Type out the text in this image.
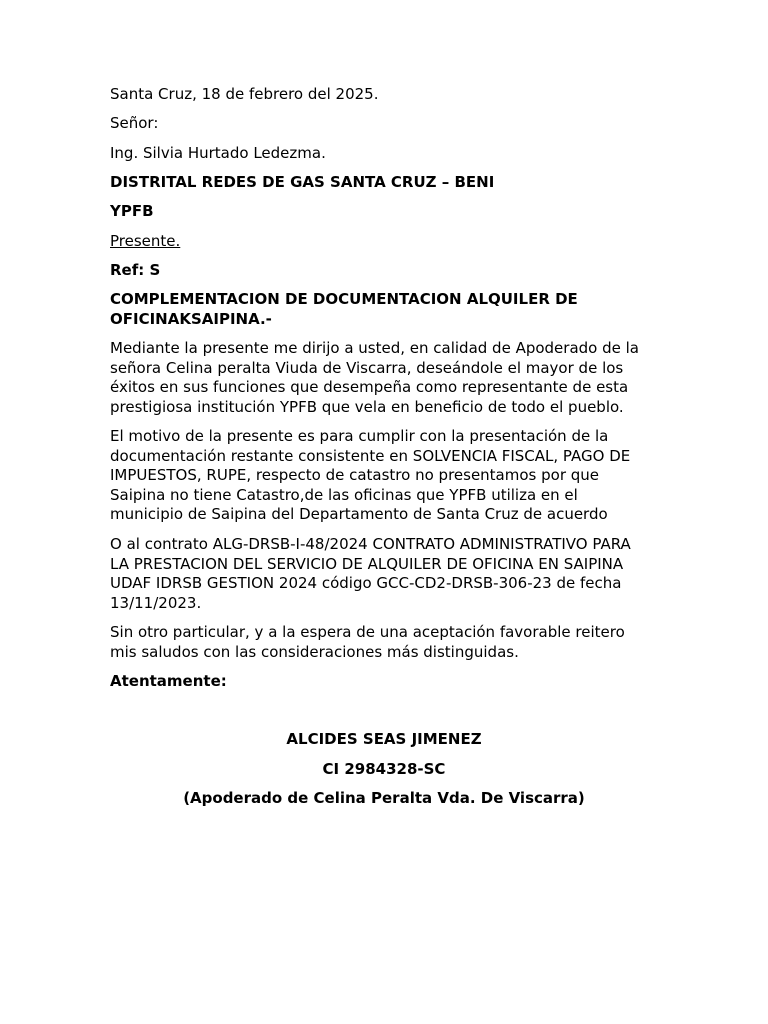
Santa Cruz, 18 de febrero del 2025.

Señor:

Ing. Silvia Hurtado Ledezma.

DISTRITAL REDES DE GAS SANTA CRUZ – BENI

YPFB

Presente.

Ref: S

COMPLEMENTACION DE DOCUMENTACION ALQUILER DE
OFICINAKSAIPINA.-
Mediante la presente me dirijo a usted, en calidad de Apoderado de la
señora Celina peralta Viuda de Viscarra, deseándole el mayor de los
éxitos en sus funciones que desempeña como representante de esta
prestigiosa institución YPFB que vela en beneficio de todo el pueblo.
El motivo de la presente es para cumplir con la presentación de la
documentación restante consistente en SOLVENCIA FISCAL, PAGO DE
IMPUESTOS, RUPE, respecto de catastro no presentamos por que
Saipina no tiene Catastro,de las oficinas que YPFB utiliza en el
municipio de Saipina del Departamento de Santa Cruz de acuerdo
O al contrato ALG-DRSB-I-48/2024 CONTRATO ADMINISTRATIVO PARA
LA PRESTACION DEL SERVICIO DE ALQUILER DE OFICINA EN SAIPINA
UDAF IDRSB GESTION 2024 código GCC-CD2-DRSB-306-23 de fecha
13/11/2023.
Sin otro particular, y a la espera de una aceptación favorable reitero
mis saludos con las consideraciones más distinguidas.

Atentamente:

ALCIDES SEAS JIMENEZ

CI 2984328-SC

(Apoderado de Celina Peralta Vda. De Viscarra)
